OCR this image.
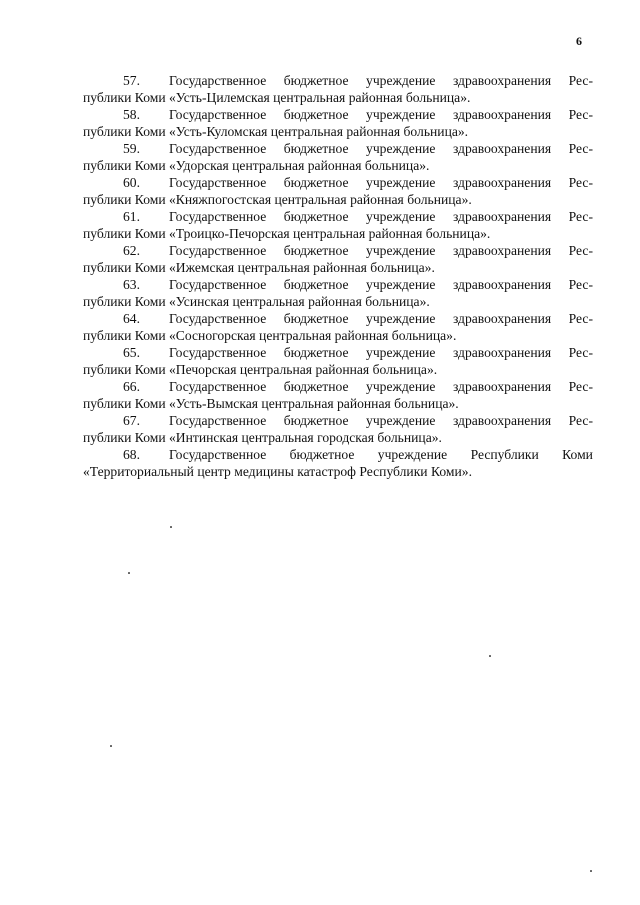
6
57.	Государственное бюджетное учреждение здравоохранения Рес-
публики Коми «Усть-Цилемская центральная районная больница».
58.	Государственное бюджетное учреждение здравоохранения Рес-
публики Коми «Усть-Куломская центральная районная больница».
59.	Государственное бюджетное учреждение здравоохранения Рес-
публики Коми «Удорская центральная районная больница».
60.	Государственное бюджетное учреждение здравоохранения Рес-
публики Коми «Княжпогостская центральная районная больница».
61.	Государственное бюджетное учреждение здравоохранения Рес-
публики Коми «Троицко-Печорская центральная районная больница».
62.	Государственное бюджетное учреждение здравоохранения Рес-
публики Коми «Ижемская центральная районная больница».
63.	Государственное бюджетное учреждение здравоохранения Рес-
публики Коми «Усинская центральная районная больница».
64.	Государственное бюджетное учреждение здравоохранения Рес-
публики Коми «Сосногорская центральная районная больница».
65.	Государственное бюджетное учреждение здравоохранения Рес-
публики Коми «Печорская центральная районная больница».
66.	Государственное бюджетное учреждение здравоохранения Рес-
публики Коми «Усть-Вымская центральная районная больница».
67.	Государственное бюджетное учреждение здравоохранения Рес-
публики Коми «Интинская центральная городская больница».
68.	Государственное бюджетное учреждение Республики Коми
«Территориальный центр медицины катастроф Республики Коми».
